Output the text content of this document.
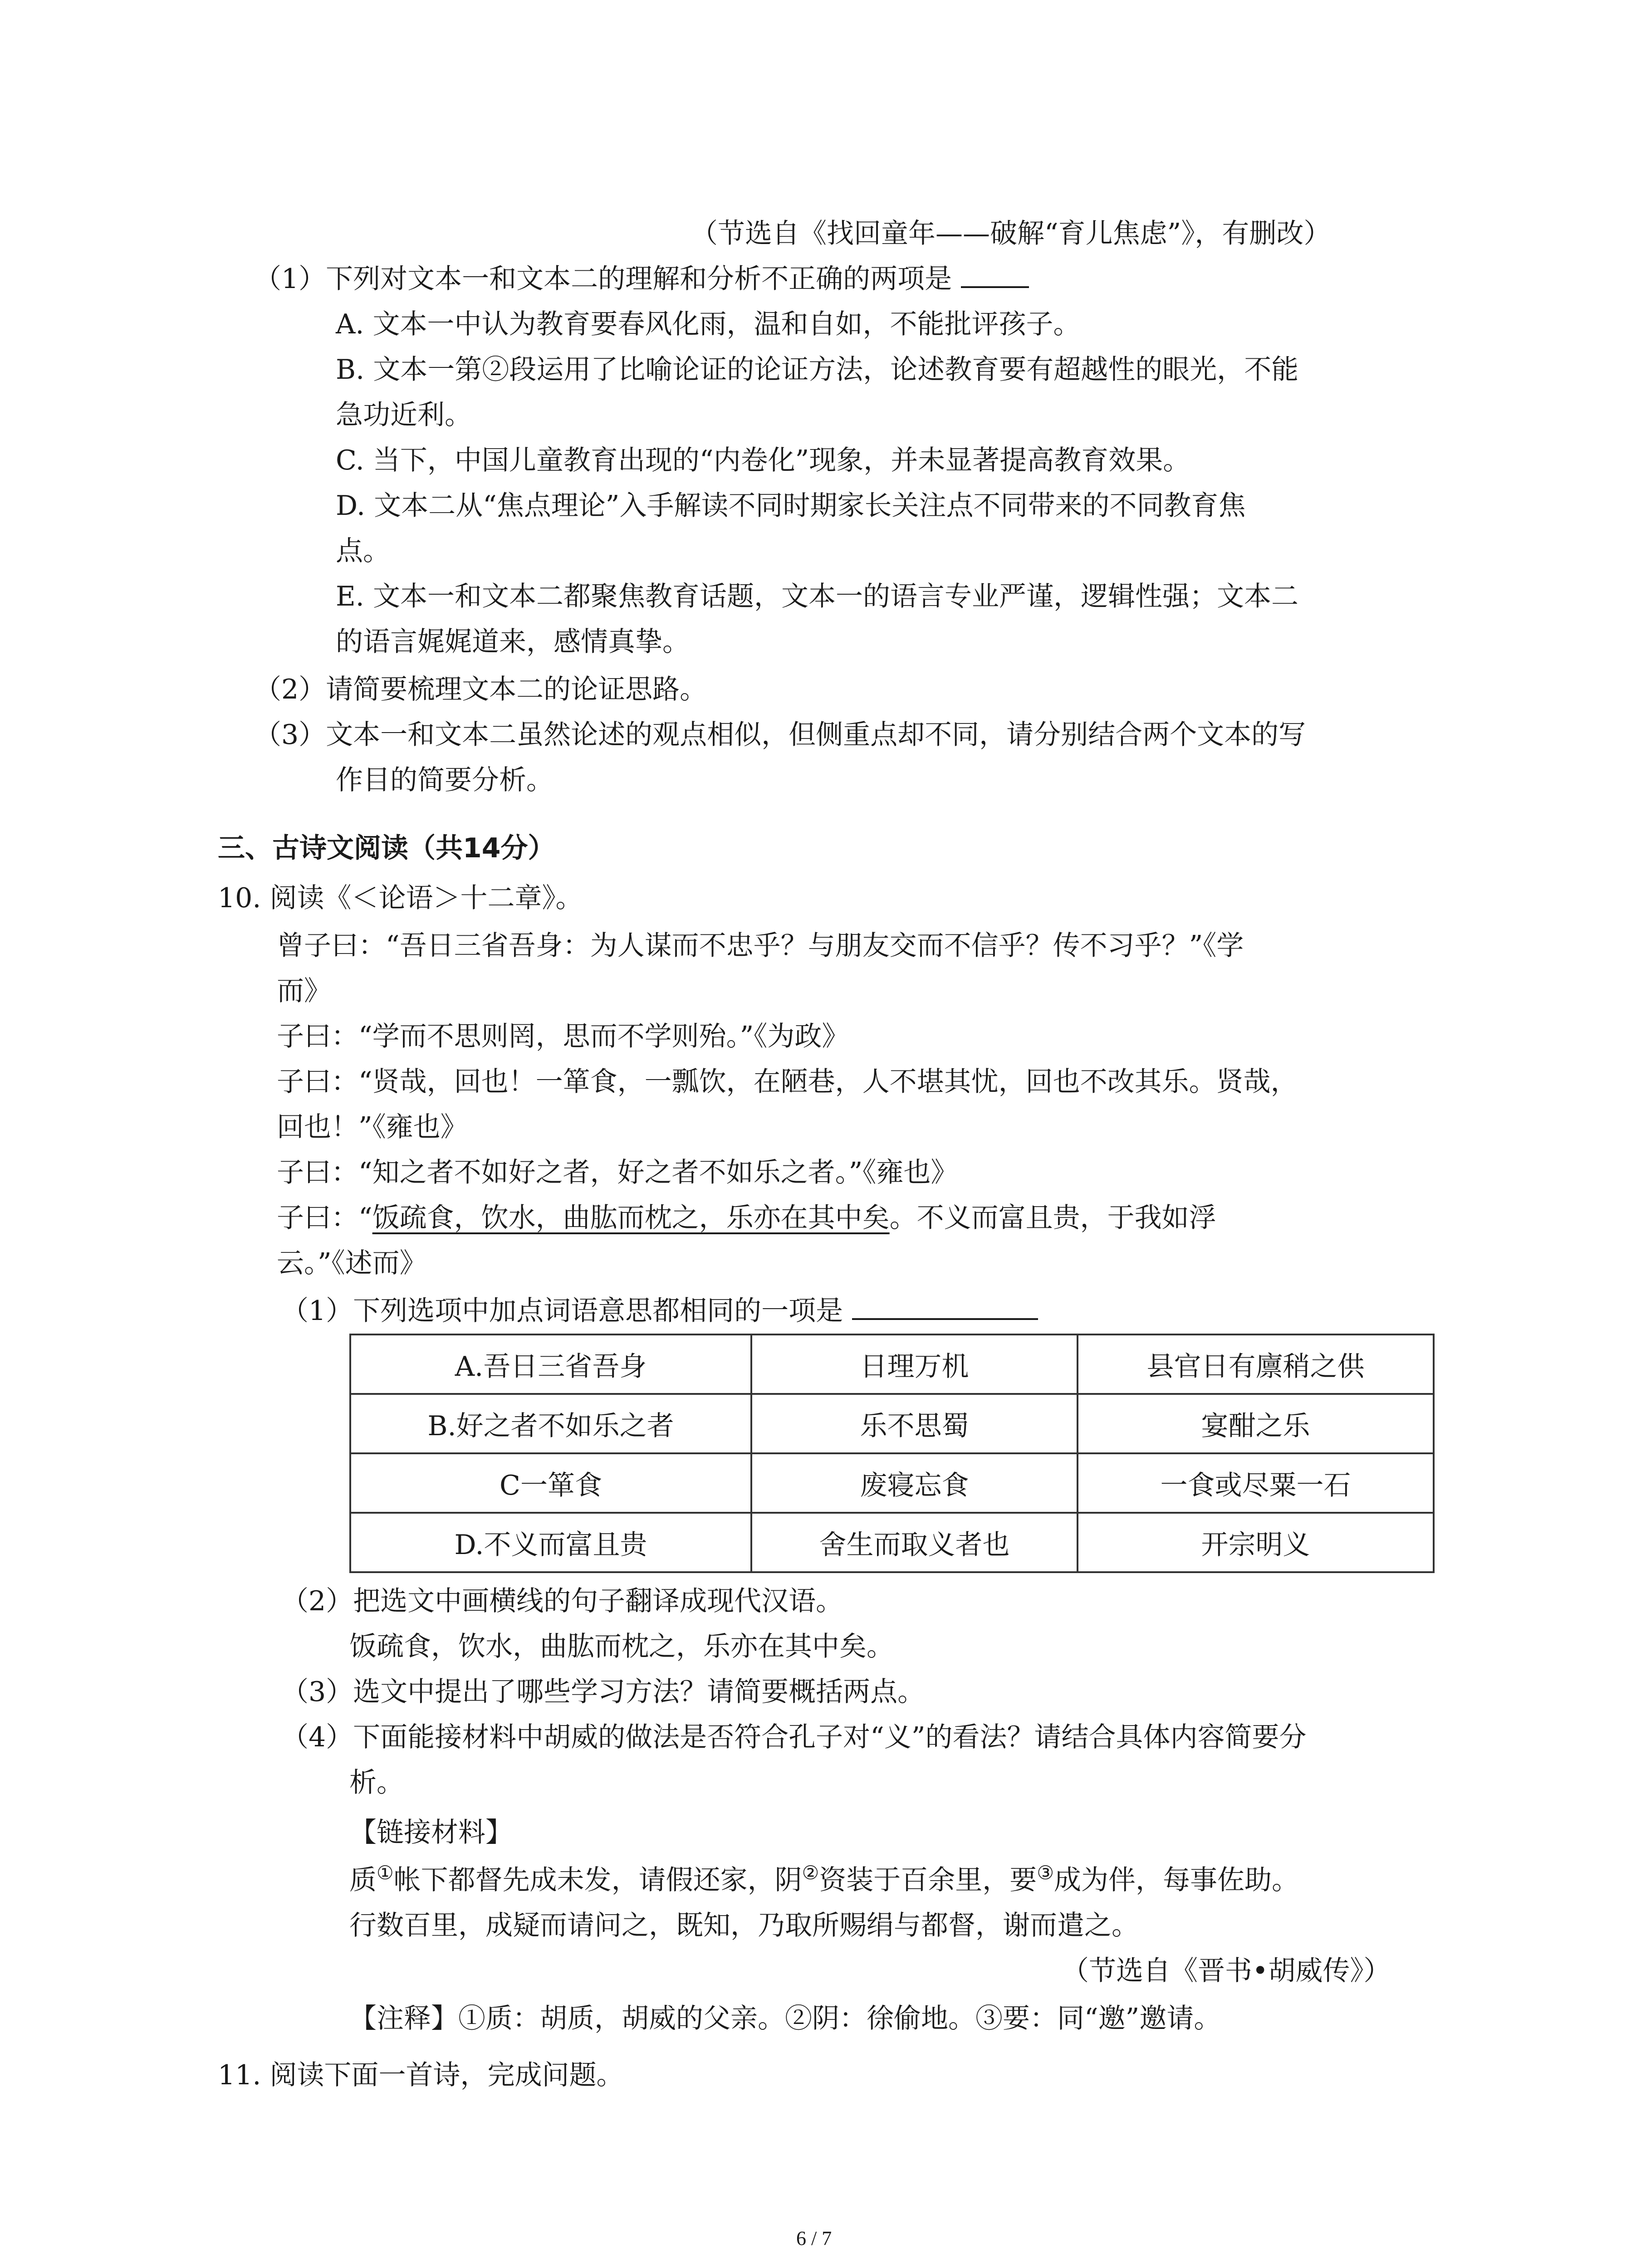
（节选自《找回童年——破解“育儿焦虑”》，有删改）
（1）下列对文本一和文本二的理解和分析不正确的两项是
A. 文本一中认为教育要春风化雨，温和自如，不能批评孩子。
B. 文本一第②段运用了比喻论证的论证方法，论述教育要有超越性的眼光，不能
急功近利。
C. 当下，中国儿童教育出现的“内卷化”现象，并未显著提高教育效果。
D. 文本二从“焦点理论”入手解读不同时期家长关注点不同带来的不同教育焦
点。
E. 文本一和文本二都聚焦教育话题，文本一的语言专业严谨，逻辑性强；文本二
的语言娓娓道来，感情真挚。
（2）请简要梳理文本二的论证思路。
（3）文本一和文本二虽然论述的观点相似，但侧重点却不同，请分别结合两个文本的写
作目的简要分析。
三、古诗文阅读（共14分）
10. 阅读《＜论语＞十二章》。
曾子曰：“吾日三省吾身：为人谋而不忠乎？与朋友交而不信乎？传不习乎？”《学
而》
子曰：“学而不思则罔，思而不学则殆。”《为政》
子曰：“贤哉，回也！一箪食，一瓢饮，在陋巷，人不堪其忧，回也不改其乐。贤哉，
回也！”《雍也》
子曰：“知之者不如好之者，好之者不如乐之者。”《雍也》
子曰：“饭疏食，饮水，曲肱而枕之，乐亦在其中矣。不义而富且贵，于我如浮
云。”《述而》
（1）下列选项中加点词语意思都相同的一项是
A.吾日三省吾身	日理万机	县官日有廪稍之供
B.好之者不如乐之者	乐不思蜀	宴酣之乐
C一箪食	废寝忘食	一食或尽粟一石
D.不义而富且贵	舍生而取义者也	开宗明义
（2）把选文中画横线的句子翻译成现代汉语。
饭疏食，饮水，曲肱而枕之，乐亦在其中矣。
（3）选文中提出了哪些学习方法？请简要概括两点。
（4）下面能接材料中胡威的做法是否符合孔子对“义”的看法？请结合具体内容简要分
析。
【链接材料】
质①帐下都督先成未发，请假还家，阴②资装于百余里，要③成为伴，每事佐助。
行数百里，成疑而请问之，既知，乃取所赐绢与都督，谢而遣之。
（节选自《晋书•胡威传》）
【注释】①质：胡质，胡威的父亲。②阴：徐偷地。③要：同“邀”邀请。
11. 阅读下面一首诗，完成问题。
6 / 7
